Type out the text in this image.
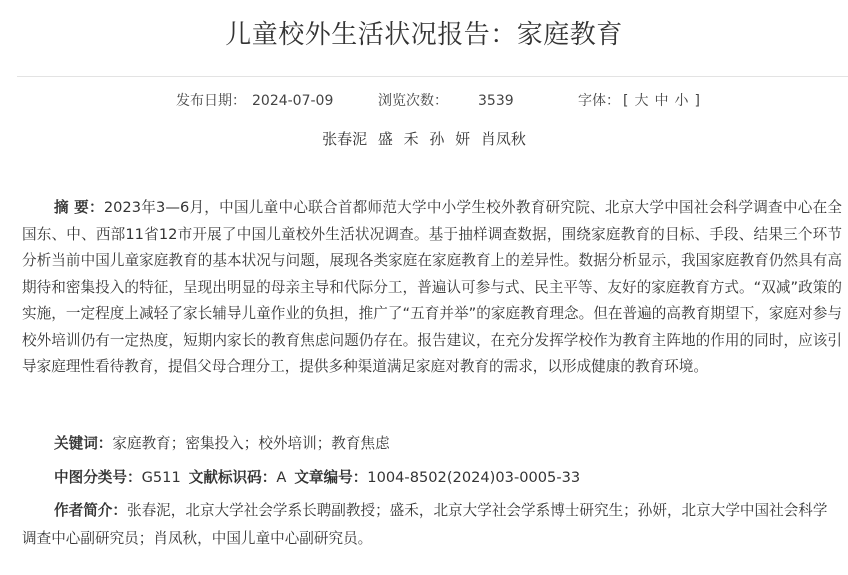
儿童校外生活状况报告：家庭教育
发布日期： 2024-07-09	浏览次数： 3539	字体： [ 大 中 小 ]
张春泥 盛 禾 孙 妍 肖凤秋
摘 要：2023年3—6月，中国儿童中心联合首都师范大学中小学生校外教育研究院、北京大学中国社会科学调查中心在全国东、中、西部11省12市开展了中国儿童校外生活状况调查。基于抽样调查数据，围绕家庭教育的目标、手段、结果三个环节分析当前中国儿童家庭教育的基本状况与问题，展现各类家庭在家庭教育上的差异性。数据分析显示，我国家庭教育仍然具有高期待和密集投入的特征，呈现出明显的母亲主导和代际分工，普遍认可参与式、民主平等、友好的家庭教育方式。“双减”政策的实施，一定程度上减轻了家长辅导儿童作业的负担，推广了“五育并举”的家庭教育理念。但在普遍的高教育期望下，家庭对参与校外培训仍有一定热度，短期内家长的教育焦虑问题仍存在。报告建议，在充分发挥学校作为教育主阵地的作用的同时，应该引导家庭理性看待教育，提倡父母合理分工，提供多种渠道满足家庭对教育的需求，以形成健康的教育环境。
关键词：家庭教育；密集投入；校外培训；教育焦虑
中图分类号：G511 文献标识码：A 文章编号：1004-8502(2024)03-0005-33
作者简介：张春泥，北京大学社会学系长聘副教授；盛禾，北京大学社会学系博士研究生；孙妍，北京大学中国社会科学调查中心副研究员；肖凤秋，中国儿童中心副研究员。
